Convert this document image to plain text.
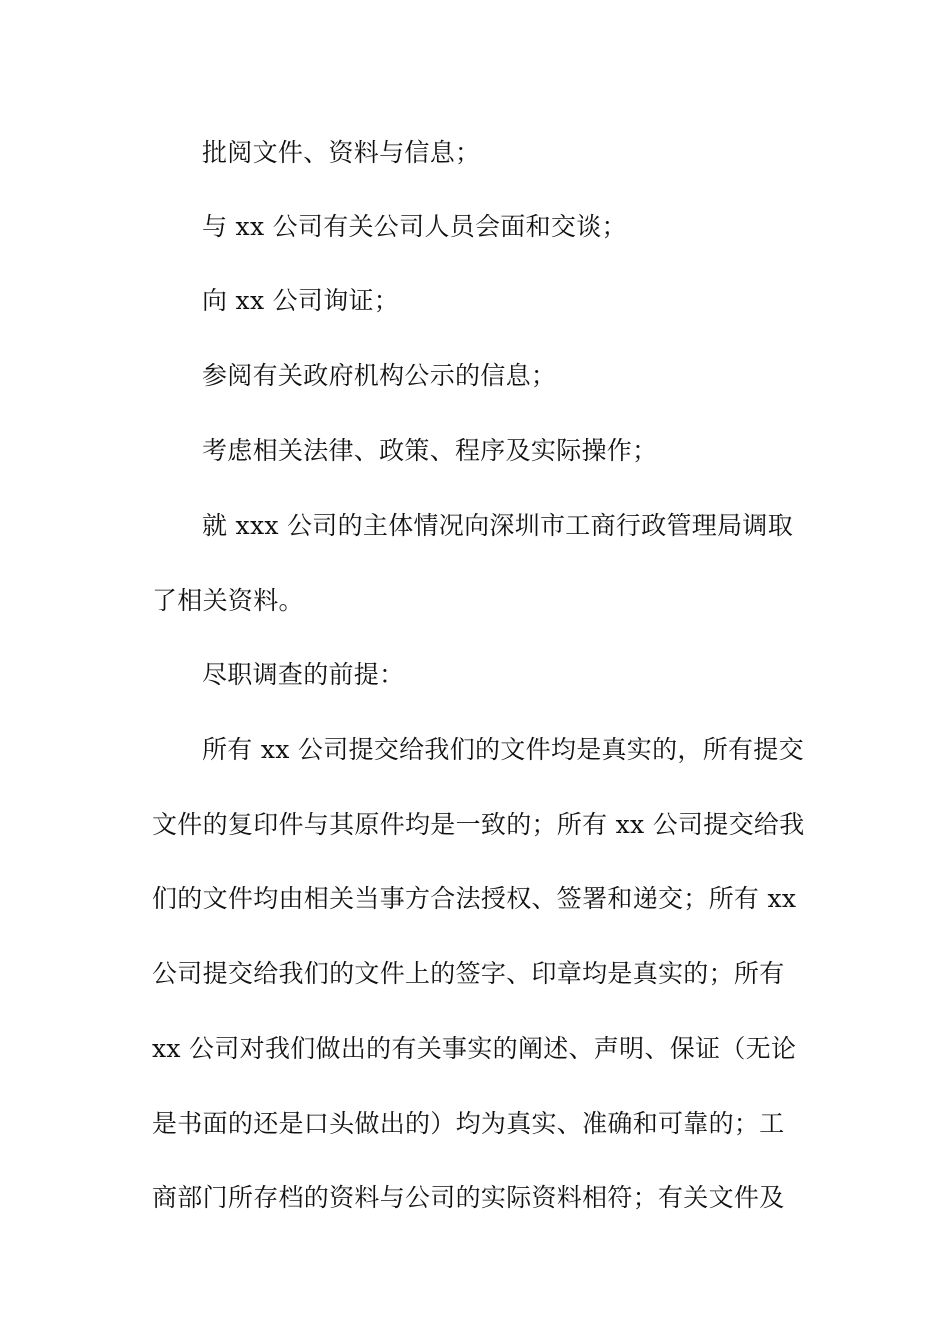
批阅文件、资料与信息；
与 xx 公司有关公司人员会面和交谈；
向 xx 公司询证；
参阅有关政府机构公示的信息；
考虑相关法律、政策、程序及实际操作；
就 xxx 公司的主体情况向深圳市工商行政管理局调取
了相关资料。
尽职调查的前提：
所有 xx 公司提交给我们的文件均是真实的，所有提交
文件的复印件与其原件均是一致的；所有 xx 公司提交给我
们的文件均由相关当事方合法授权、签署和递交；所有 xx
公司提交给我们的文件上的签字、印章均是真实的；所有
xx 公司对我们做出的有关事实的阐述、声明、保证（无论
是书面的还是口头做出的）均为真实、准确和可靠的；工
商部门所存档的资料与公司的实际资料相符；有关文件及
